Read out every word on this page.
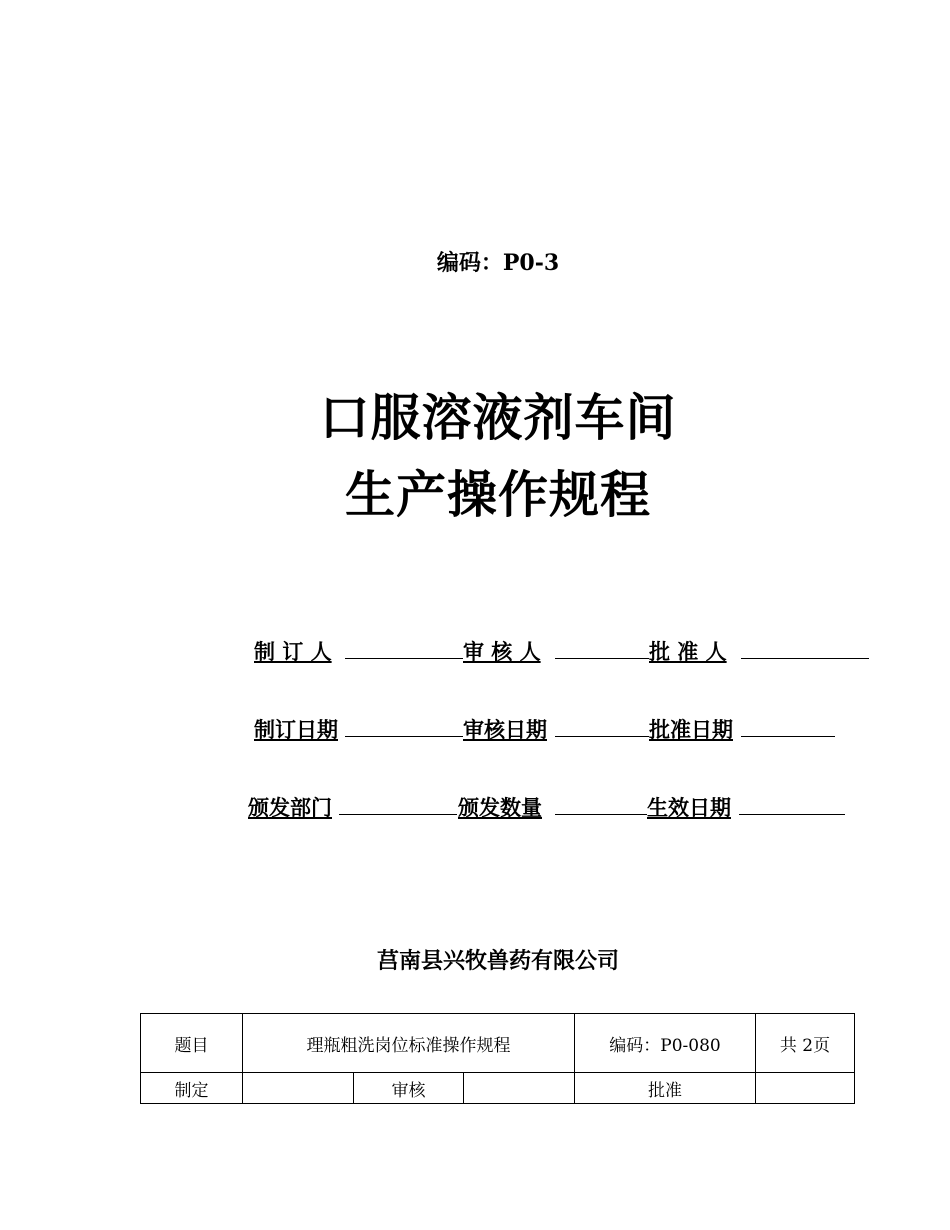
编码：P0-3
口服溶液剂车间
生产操作规程
制 订 人	审 核 人	批 准 人
制订日期	审核日期	批准日期
颁发部门	颁发数量	生效日期
莒南县兴牧兽药有限公司
题目	理瓶粗洗岗位标准操作规程			编码：P0-080	共 2页
制定		审核		批准	
